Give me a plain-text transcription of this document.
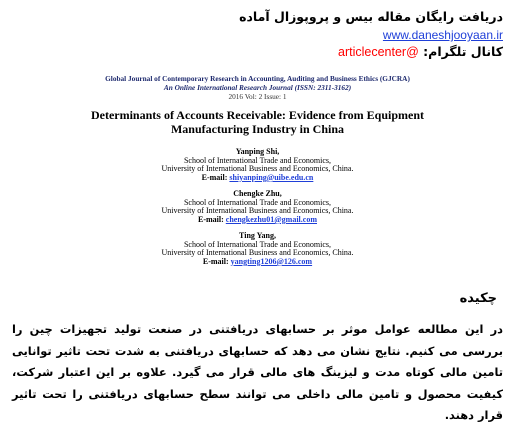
دریافت رایگان مقاله بیس و پروپوزال آماده
www.daneshjooyaan.ir
کانال تلگرام: @articlecenter
Global Journal of Contemporary Research in Accounting, Auditing and Business Ethics (GJCRA)
An Online International Research Journal (ISSN: 2311-3162)
2016 Vol: 2 Issue: 1
Determinants of Accounts Receivable: Evidence from Equipment
Manufacturing Industry in China
Yanping Shi,
School of International Trade and Economics,
University of International Business and Economics, China.
E-mail: shiyanping@uibe.edu.cn
Chengke Zhu,
School of International Trade and Economics,
University of International Business and Economics, China.
E-mail: chengkezhu01@gmail.com
Ting Yang,
School of International Trade and Economics,
University of International Business and Economics, China.
E-mail: yangting1206@126.com
چکیده
در این مطالعه عوامل موثر بر حسابهای دریافتنی در صنعت تولید تجهیزات چین را بررسی می کنیم. نتایج نشان می دهد که حسابهای دریافتنی به شدت تحت تاثیر توانایی تامین مالی کوتاه مدت و لیزینگ های مالی قرار می گیرد. علاوه بر این اعتبار شرکت، کیفیت محصول و تامین مالی داخلی می توانند سطح حسابهای دریافتنی را تحت تاثیر قرار دهند.
